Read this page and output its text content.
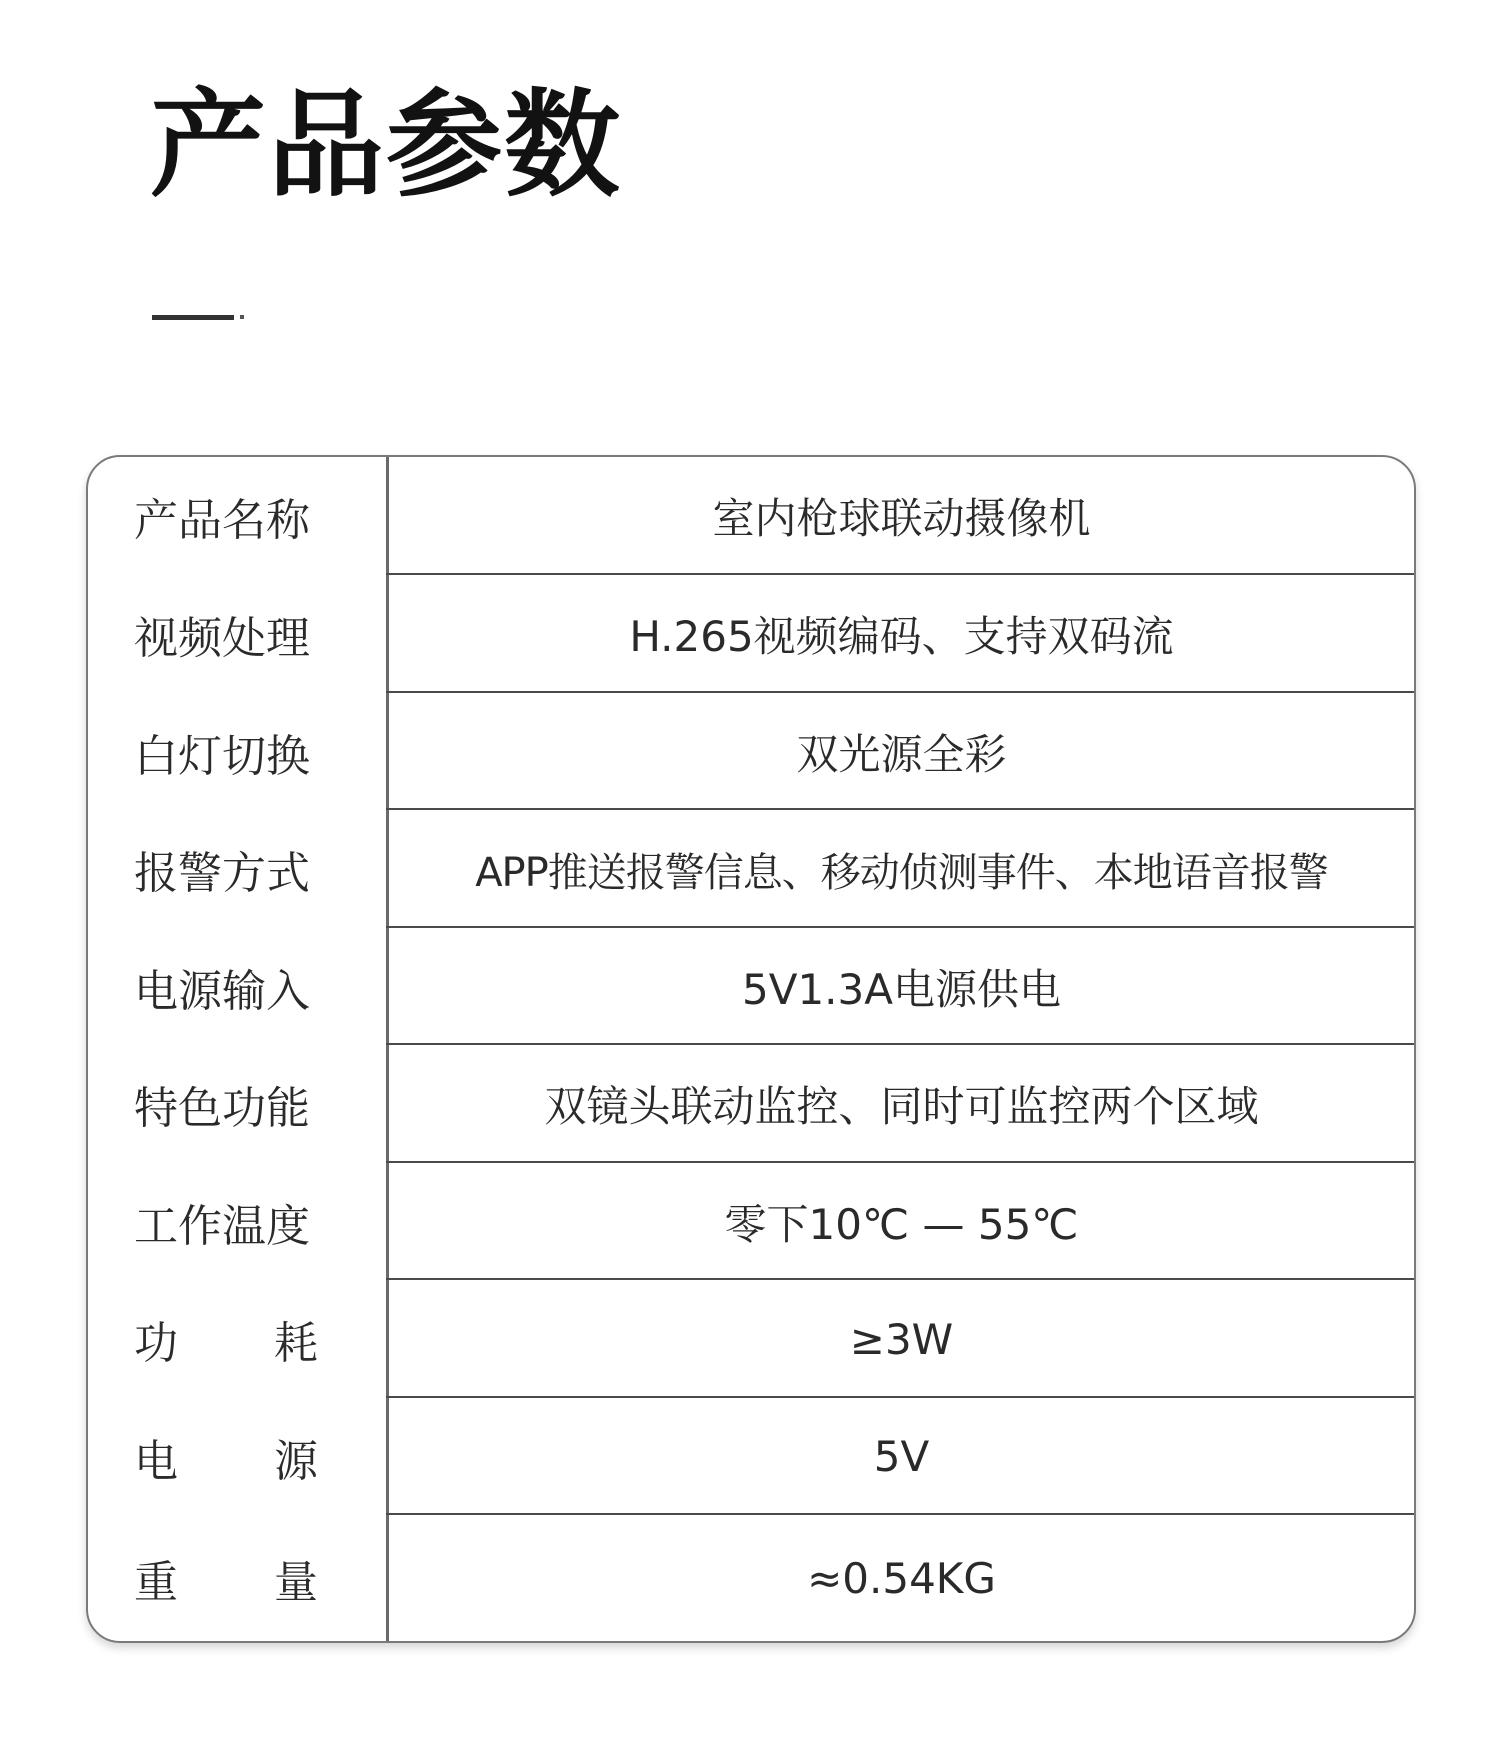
产品参数
产品名称	室内枪球联动摄像机
视频处理	H.265视频编码、支持双码流
白灯切换	双光源全彩
报警方式	APP推送报警信息、移动侦测事件、本地语音报警
电源输入	5V1.3A电源供电
特色功能	双镜头联动监控、同时可监控两个区域
工作温度	零下10℃ — 55℃
功 耗	≥3W
电 源	5V
重 量	≈0.54KG
